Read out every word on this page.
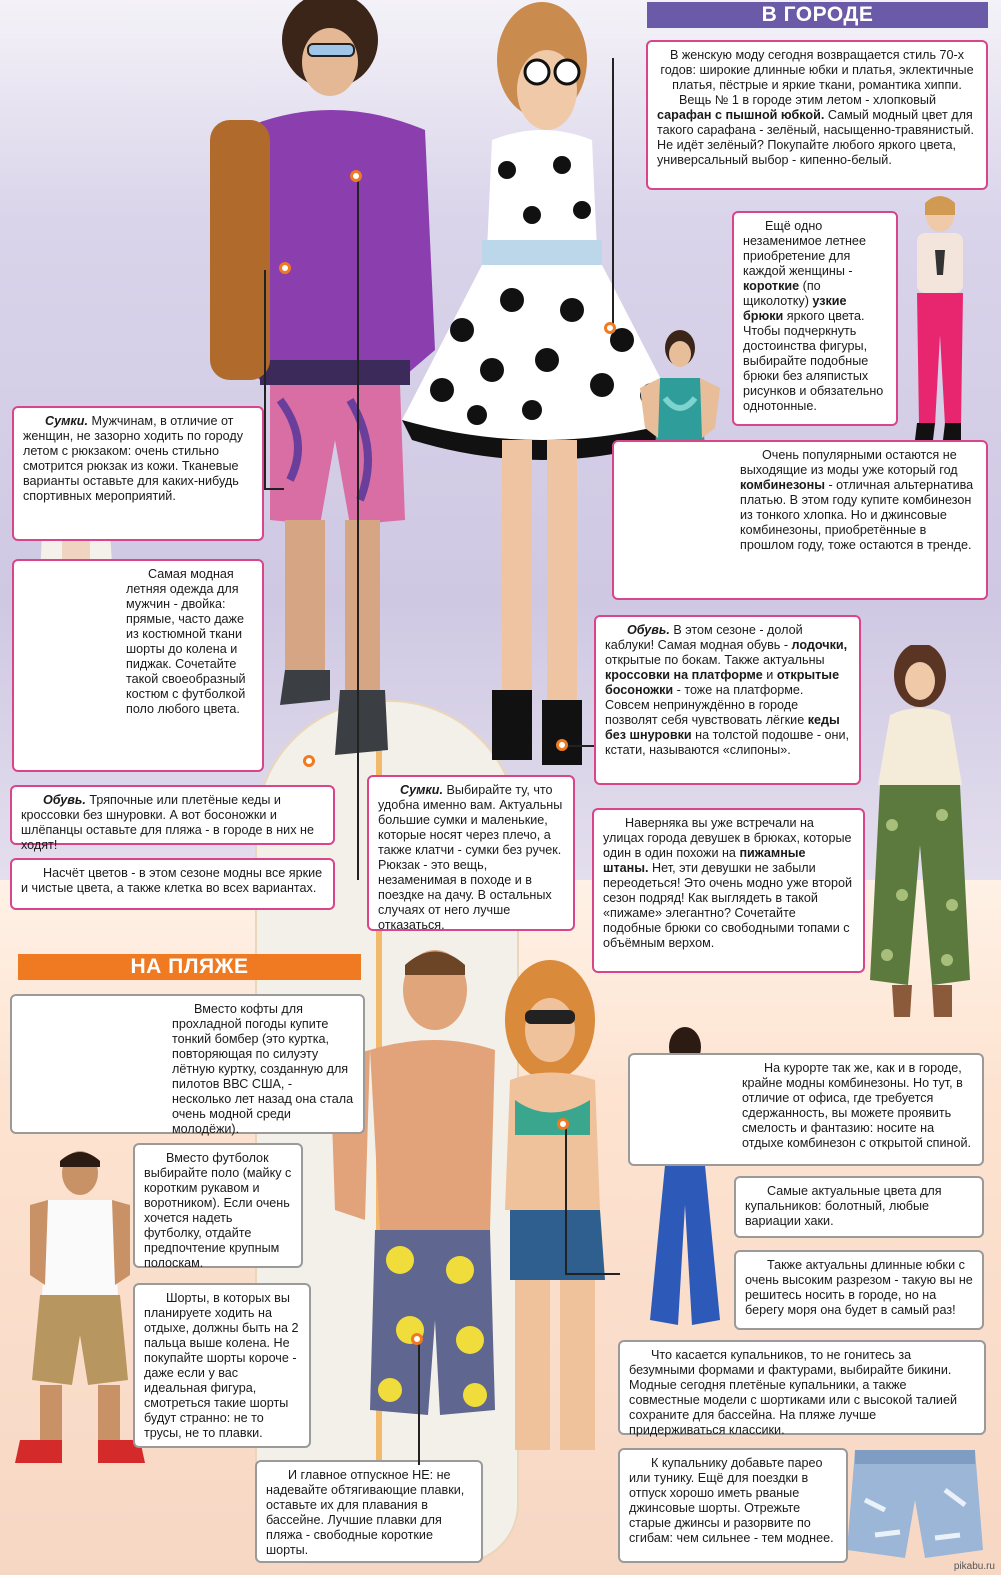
В ГОРОДЕ
НА ПЛЯЖЕ

В женскую моду сегодня возвращается стиль 70-х годов: широкие длинные юбки и платья, эклектичные платья, пёстрые и яркие ткани, романтика хиппи.

Вещь № 1 в городе этим летом - хлопковый сарафан с пышной юбкой. Самый модный цвет для такого сарафана - зелёный, насыщенно-травянистый. Не идёт зелёный? Покупайте любого яркого цвета, универсальный выбор - кипенно-белый.

Ещё одно незаменимое летнее приобретение для каждой женщины - короткие (по щиколотку) узкие брюки яркого цвета. Чтобы подчеркнуть достоинства фигуры, выбирайте подобные брюки без аляпистых рисунков и обязательно однотонные.

Очень популярными остаются не выходящие из моды уже который год комбинезоны - отличная альтернатива платью. В этом году купите комбинезон из тонкого хлопка. Но и джинсовые комбинезоны, приобретённые в прошлом году, тоже остаются в тренде.

Обувь. В этом сезоне - долой каблуки! Самая модная обувь - лодочки, открытые по бокам. Также актуальны кроссовки на платформе и открытые босоножки - тоже на платформе. Совсем непринуждённо в городе позволят себя чувствовать лёгкие кеды без шнуровки на толстой подошве - они, кстати, называются «слипоны».

Наверняка вы уже встречали на улицах города девушек в брюках, которые один в один похожи на пижамные штаны. Нет, эти девушки не забыли переодеться! Это очень модно уже второй сезон подряд! Как выглядеть в такой «пижаме» элегантно? Сочетайте подобные брюки со свободными топами с объёмным верхом.

Сумки. Мужчинам, в отличие от женщин, не зазорно ходить по городу летом с рюкзаком: очень стильно смотрится рюкзак из кожи. Тканевые варианты оставьте для каких-нибудь спортивных мероприятий.

Самая модная летняя одежда для мужчин - двойка: прямые, часто даже из костюмной ткани шорты до колена и пиджак. Сочетайте такой своеобразный костюм с футболкой поло любого цвета.

Обувь. Тряпочные или плетёные кеды и кроссовки без шнуровки. А вот босоножки и шлёпанцы оставьте для пляжа - в городе в них не ходят!

Насчёт цветов - в этом сезоне модны все яркие и чистые цвета, а также клетка во всех вариантах.

Сумки. Выбирайте ту, что удобна именно вам. Актуальны большие сумки и маленькие, которые носят через плечо, а также клатчи - сумки без ручек. Рюкзак - это вещь, незаменимая в походе и в поездке на дачу. В остальных случаях от него лучше отказаться.

Вместо кофты для прохладной погоды купите тонкий бомбер (это куртка, повторяющая по силуэту лётную куртку, созданную для пилотов ВВС США, - несколько лет назад она стала очень модной среди молодёжи).

Вместо футболок выбирайте поло (майку с коротким рукавом и воротником). Если очень хочется надеть футболку, отдайте предпочтение крупным полоскам.

Шорты, в которых вы планируете ходить на отдыхе, должны быть на 2 пальца выше колена. Не покупайте шорты короче - даже если у вас идеальная фигура, смотреться такие шорты будут странно: не то трусы, не то плавки.

И главное отпускное НЕ: не надевайте обтягивающие плавки, оставьте их для плавания в бассейне. Лучшие плавки для пляжа - свободные короткие шорты.

На курорте так же, как и в городе, крайне модны комбинезоны. Но тут, в отличие от офиса, где требуется сдержанность, вы можете проявить смелость и фантазию: носите на отдыхе комбинезон с открытой спиной.

Самые актуальные цвета для купальников: болотный, любые вариации хаки.

Также актуальны длинные юбки с очень высоким разрезом - такую вы не решитесь носить в городе, но на берегу моря она будет в самый раз!

Что касается купальников, то не гонитесь за безумными формами и фактурами, выбирайте бикини. Модные сегодня плетёные купальники, а также совместные модели с шортиками или с высокой талией сохраните для бассейна. На пляже лучше придерживаться классики.

К купальнику добавьте парео или тунику. Ещё для поездки в отпуск хорошо иметь рваные джинсовые шорты. Отрежьте старые джинсы и разорвите по сгибам: чем сильнее - тем моднее.

pikabu.ru
